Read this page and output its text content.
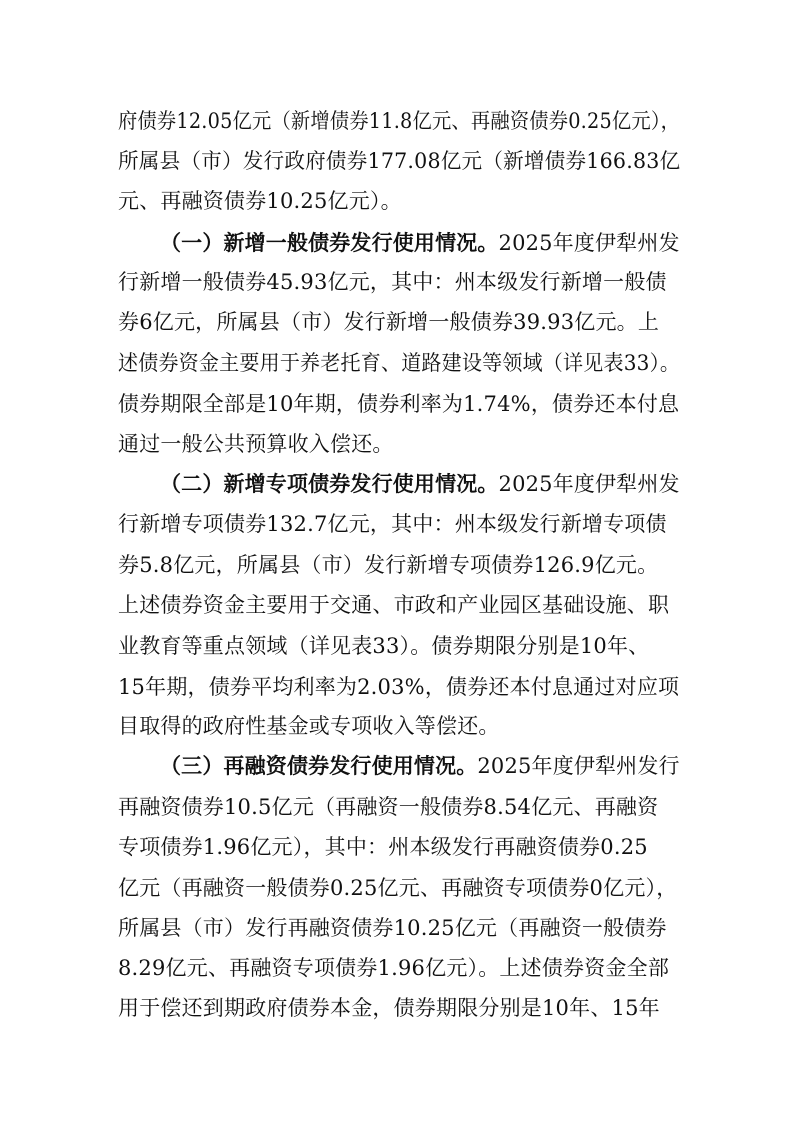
府债券12.05亿元（新增债券11.8亿元、再融资债券0.25亿元），
所属县（市）发行政府债券177.08亿元（新增债券166.83亿
元、再融资债券10.25亿元）。
（一）新增一般债券发行使用情况。2025年度伊犁州发
行新增一般债券45.93亿元，其中：州本级发行新增一般债
券6亿元，所属县（市）发行新增一般债券39.93亿元。上
述债券资金主要用于养老托育、道路建设等领域（详见表33）。
债券期限全部是10年期，债券利率为1.74%，债券还本付息
通过一般公共预算收入偿还。
（二）新增专项债券发行使用情况。2025年度伊犁州发
行新增专项债券132.7亿元，其中：州本级发行新增专项债
券5.8亿元，所属县（市）发行新增专项债券126.9亿元。
上述债券资金主要用于交通、市政和产业园区基础设施、职
业教育等重点领域（详见表33）。债券期限分别是10年、
15年期，债券平均利率为2.03%，债券还本付息通过对应项
目取得的政府性基金或专项收入等偿还。
（三）再融资债券发行使用情况。2025年度伊犁州发行
再融资债券10.5亿元（再融资一般债券8.54亿元、再融资
专项债券1.96亿元），其中：州本级发行再融资债券0.25
亿元（再融资一般债券0.25亿元、再融资专项债券0亿元），
所属县（市）发行再融资债券10.25亿元（再融资一般债券
8.29亿元、再融资专项债券1.96亿元）。上述债券资金全部
用于偿还到期政府债券本金，债券期限分别是10年、15年
